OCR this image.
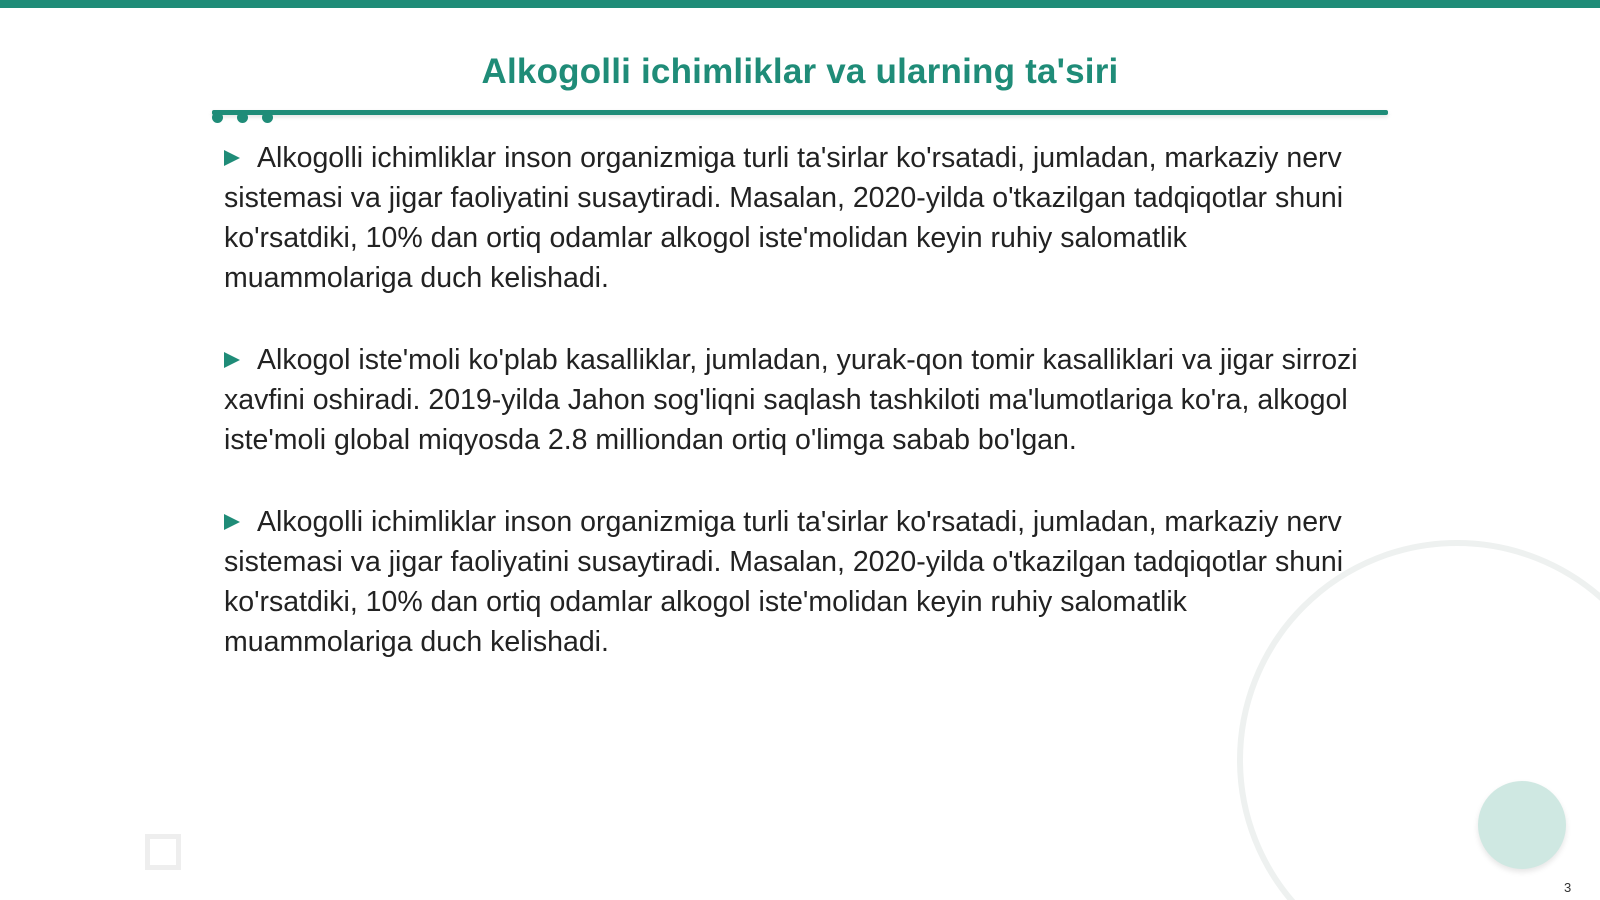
Alkogolli ichimliklar va ularning ta'siri
Alkogolli ichimliklar inson organizmiga turli ta'sirlar ko'rsatadi, jumladan, markaziy nerv sistemasi va jigar faoliyatini susaytiradi. Masalan, 2020-yilda o'tkazilgan tadqiqotlar shuni ko'rsatdiki, 10% dan ortiq odamlar alkogol iste'molidan keyin ruhiy salomatlik muammolariga duch kelishadi.
Alkogol iste'moli ko'plab kasalliklar, jumladan, yurak-qon tomir kasalliklari va jigar sirrozi xavfini oshiradi. 2019-yilda Jahon sog'liqni saqlash tashkiloti ma'lumotlariga ko'ra, alkogol iste'moli global miqyosda 2.8 milliondan ortiq o'limga sabab bo'lgan.
Alkogolli ichimliklar inson organizmiga turli ta'sirlar ko'rsatadi, jumladan, markaziy nerv sistemasi va jigar faoliyatini susaytiradi. Masalan, 2020-yilda o'tkazilgan tadqiqotlar shuni ko'rsatdiki, 10% dan ortiq odamlar alkogol iste'molidan keyin ruhiy salomatlik muammolariga duch kelishadi.
3
